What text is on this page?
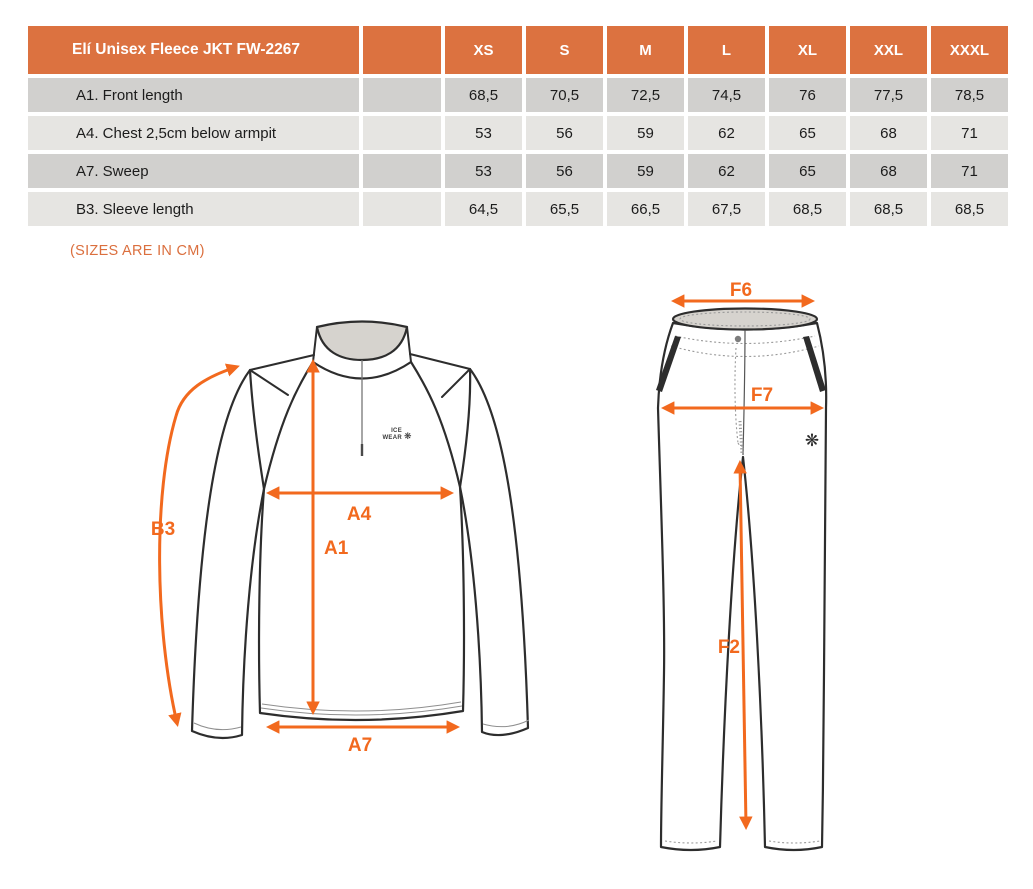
Elí Unisex Fleece JKT FW-2267	XS	S	M	L	XL	XXL	XXXL
A1. Front length	68,5	70,5	72,5	74,5	76	77,5	78,5
A4. Chest 2,5cm below armpit	53	56	59	62	65	68	71
A7. Sweep	53	56	59	62	65	68	71
B3. Sleeve length	64,5	65,5	66,5	67,5	68,5	68,5	68,5
(SIZES ARE IN CM)
ICE
WEAR ❋
A4
A1
A7
B3
❋
F6
F7
F2
